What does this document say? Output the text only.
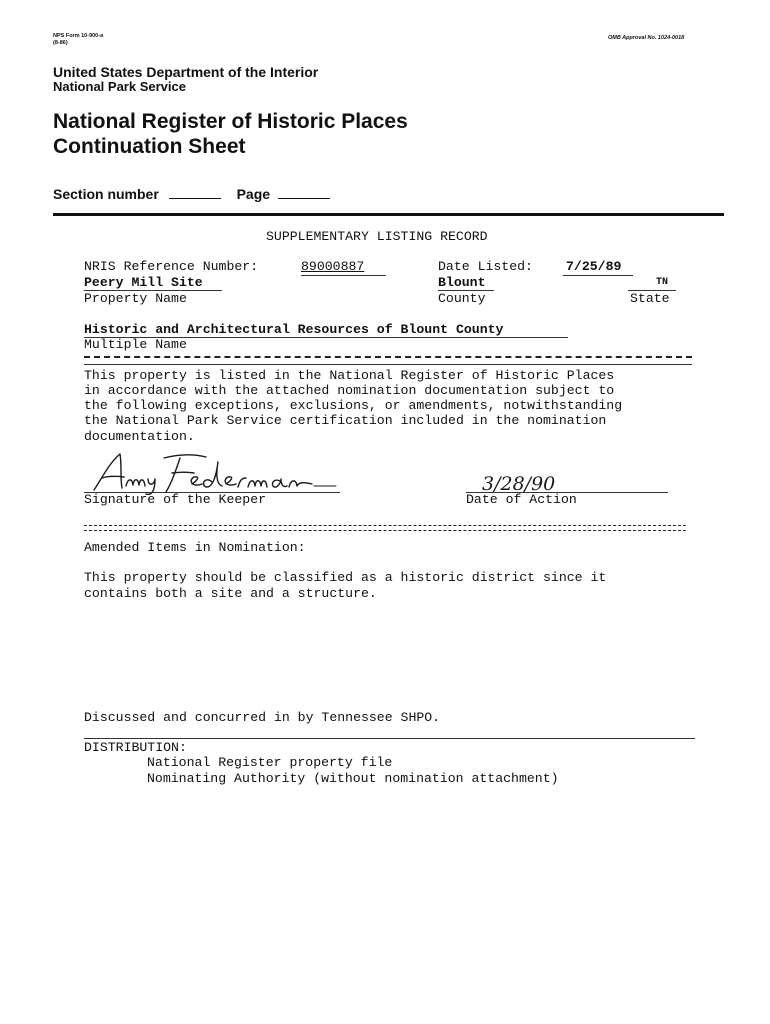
NPS Form 10-900-a
(8-86)
OMB Approval No. 1024-0018
United States Department of the Interior
National Park Service
National Register of Historic Places
Continuation Sheet
Section number	Page
SUPPLEMENTARY LISTING RECORD
NRIS Reference Number:	89000887	Date Listed:	7/25/89
Peery Mill Site	Blount	TN
Property Name	County	State
Historic and Architectural Resources of Blount County
Multiple Name
This property is listed in the National Register of Historic Places
in accordance with the attached nomination documentation subject to
the following exceptions, exclusions, or amendments, notwithstanding
the National Park Service certification included in the nomination
documentation.
Signature of the Keeper
3/28/90
Date of Action
Amended Items in Nomination:
This property should be classified as a historic district since it
contains both a site and a structure.
Discussed and concurred in by Tennessee SHPO.
DISTRIBUTION:
National Register property file
Nominating Authority (without nomination attachment)
